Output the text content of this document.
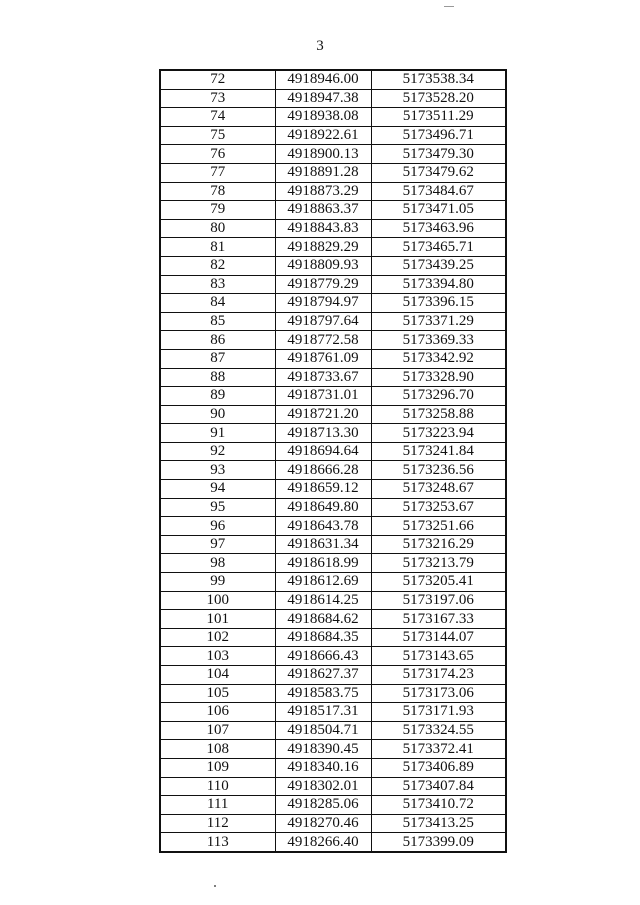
3
72	4918946.00	5173538.34
73	4918947.38	5173528.20
74	4918938.08	5173511.29
75	4918922.61	5173496.71
76	4918900.13	5173479.30
77	4918891.28	5173479.62
78	4918873.29	5173484.67
79	4918863.37	5173471.05
80	4918843.83	5173463.96
81	4918829.29	5173465.71
82	4918809.93	5173439.25
83	4918779.29	5173394.80
84	4918794.97	5173396.15
85	4918797.64	5173371.29
86	4918772.58	5173369.33
87	4918761.09	5173342.92
88	4918733.67	5173328.90
89	4918731.01	5173296.70
90	4918721.20	5173258.88
91	4918713.30	5173223.94
92	4918694.64	5173241.84
93	4918666.28	5173236.56
94	4918659.12	5173248.67
95	4918649.80	5173253.67
96	4918643.78	5173251.66
97	4918631.34	5173216.29
98	4918618.99	5173213.79
99	4918612.69	5173205.41
100	4918614.25	5173197.06
101	4918684.62	5173167.33
102	4918684.35	5173144.07
103	4918666.43	5173143.65
104	4918627.37	5173174.23
105	4918583.75	5173173.06
106	4918517.31	5173171.93
107	4918504.71	5173324.55
108	4918390.45	5173372.41
109	4918340.16	5173406.89
110	4918302.01	5173407.84
111	4918285.06	5173410.72
112	4918270.46	5173413.25
113	4918266.40	5173399.09
